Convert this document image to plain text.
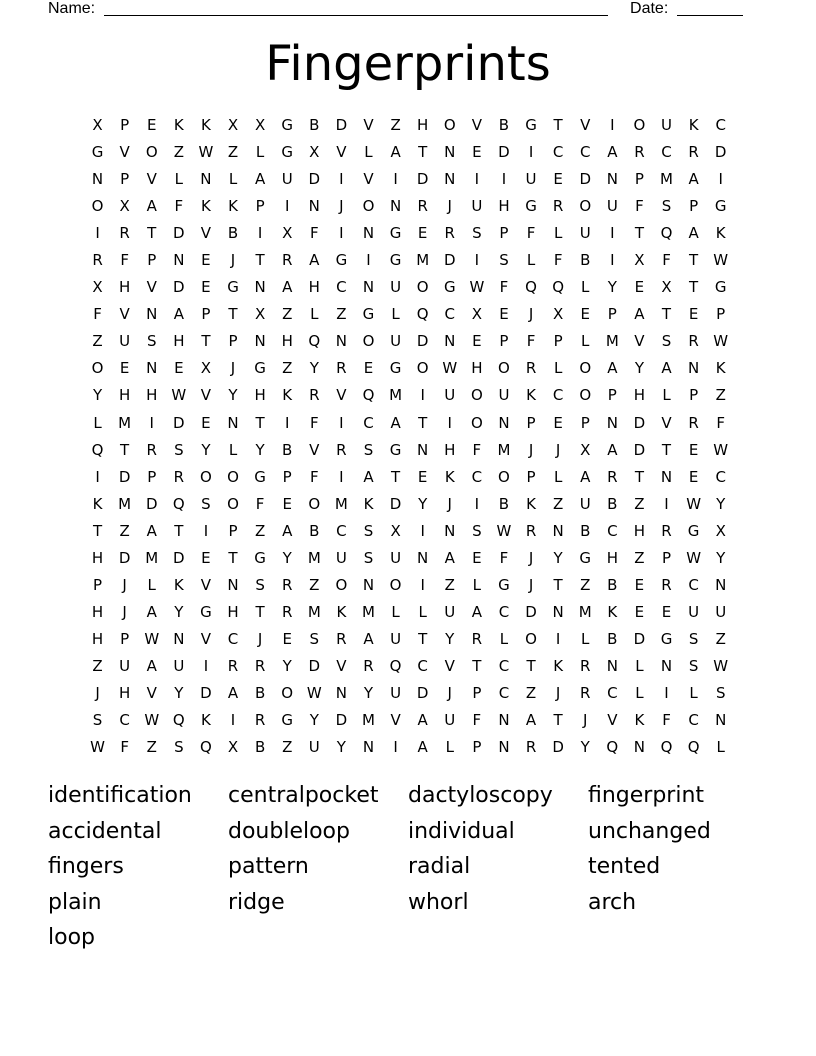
Name:	Date:
Fingerprints
X	P	E	K	K	X	X	G	B	D	V	Z	H	O	V	B	G	T	V	I	O	U	K	C
G	V	O	Z W Z	L	G	X	V	L	A	T	N	E	D	I	C	C	A	R	C	R	D
N	P	V	L	N	L	A	U	D	I	V	I	D	N	I	I	U	E	D	N	P	M	A	I
O	X	A	F	K	K	P	I	N	J	O	N	R	J	U	H	G	R	O	U	F	S	P	G
I	R	T	D	V	B	I	X	F	I	N	G	E	R	S	P	F	L	U	I	T	Q	A	K
R	F	P	N	E	J	T	R	A	G	I	G M D	I	S	L	F	B	I	X	F	T	W
X	H	V	D	E	G	N	A	H	C	N	U	O	G W	F	Q	Q	L	Y	E	X	T	G
F	V	N	A	P	T	X	Z	L	Z	G	L	Q	C	X	E	J	X	E	P	A	T	E	P
Z	U	S	H	T	P	N	H	Q	N	O	U	D	N	E	P	F	P	L	M	V	S	R W
O	E	N	E	X	J	G	Z	Y	R	E	G	O W H	O	R	L	O	A	Y	A	N	K
Y	H	H W V	Y	H	K	R	V	Q M	I	U	O	U	K	C	O	P	H	L	P	Z
L	M	I	D	E	N	T	I	F	I	C	A	T	I	O	N	P	E	P	N	D	V	R	F
Q	T	R	S	Y	L	Y	B	V	R	S	G	N	H	F	M	J	J	X	A	D	T	E W
I	D	P	R	O	O	G	P	F	I	A	T	E	K	C	O	P	L	A	R	T	N	E	C
K	M D	Q	S	O	F	E	O M	K	D	Y	J	I	B	K	Z	U	B	Z	I	W	Y
T	Z	A	T	I	P	Z	A	B	C	S	X	I	N	S W R	N	B	C	H	R	G	X
H	D M D	E	T	G	Y	M	U	S	U	N	A	E	F	J	Y	G	H	Z	P	W	Y
P	J	L	K	V	N	S	R	Z	O	N	O	I	Z	L	G	J	T	Z	B	E	R	C	N
H	J	A	Y	G	H	T	R	M	K	M	L	L	U	A	C	D	N	M	K	E	E	U	U
H	P	W N	V	C	J	E	S	R	A	U	T	Y	R	L	O	I	L	B	D	G	S	Z
Z	U	A	U	I	R	R	Y	D	V	R	Q	C	V	T	C	T	K	R	N	L	N	S W
J	H	V	Y	D	A	B	O W N	Y	U	D	J	P	C	Z	J	R	C	L	I	L	S
S	C W Q	K	I	R	G	Y	D M	V	A	U	F	N	A	T	J	V	K	F	C	N
W	F	Z	S	Q	X	B	Z	U	Y	N	I	A	L	P	N	R	D	Y	Q	N	Q	Q	L
identification	centralpocket	dactyloscopy	fingerprint
accidental	doubleloop	individual	unchanged
fingers	pattern	radial	tented
plain	ridge	whorl	arch
loop
